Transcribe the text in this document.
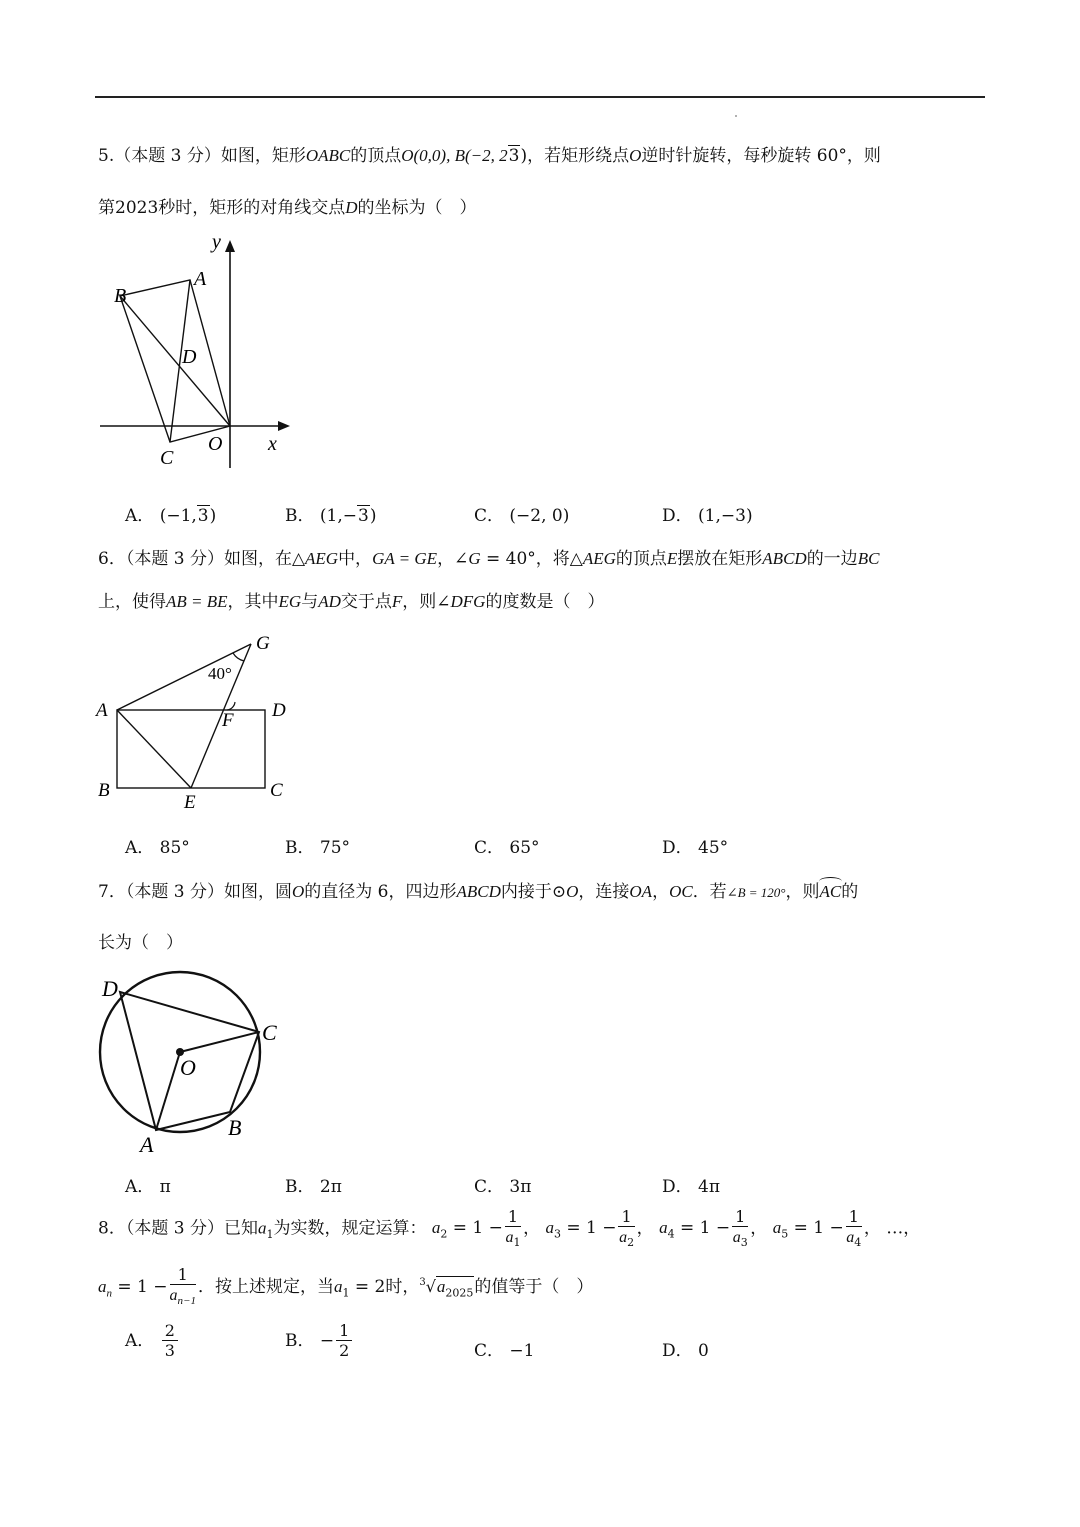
5.（本题 3 分）如图，矩形OABC的顶点O(0,0), B(−2, 23)，若矩形绕点O逆时针旋转，每秒旋转 60°，则
第2023秒时，矩形的对角线交点D的坐标为（　）
y
x
A
B
D
C
O
A． (−1,3)	B． (1,−3)	C． (−2, 0)	D． (1,−3)
6．（本题 3 分）如图，在△AEG中，GA = GE，∠G = 40°，将△AEG的顶点E摆放在矩形ABCD的一边BC
上，使得AB = BE，其中EG与AD交于点F，则∠DFG的度数是（　）
G
40°
A	D
F
B
E
C
A． 85°	B． 75°	C． 65°	D． 45°
7．（本题 3 分）如图，圆O的直径为 6，四边形ABCD内接于⊙O，连接OA，OC．若∠B = 120°，则AC的
长为（　）
D
C
O
A
B
A． π	B． 2π	C． 3π	D． 4π
8．（本题 3 分）已知$a_1$为实数，规定运算： $a_2 = 1 - \frac{1}{a_1}$ ， $a_3 = 1 - \frac{1}{a_2}$ ， $a_4 = 1 - \frac{1}{a_3}$ ， $a_5 = 1 - \frac{1}{a_4}$ ， …，
$a_n = 1 - \frac{1}{a_{n-1}}$ ．按上述规定，当$a_1 = 2$时，$^3√a_{2025}$的值等于（　）
A． $\frac{2}{3}$	B． − $\frac{1}{2}$	C． −1	D． 0
